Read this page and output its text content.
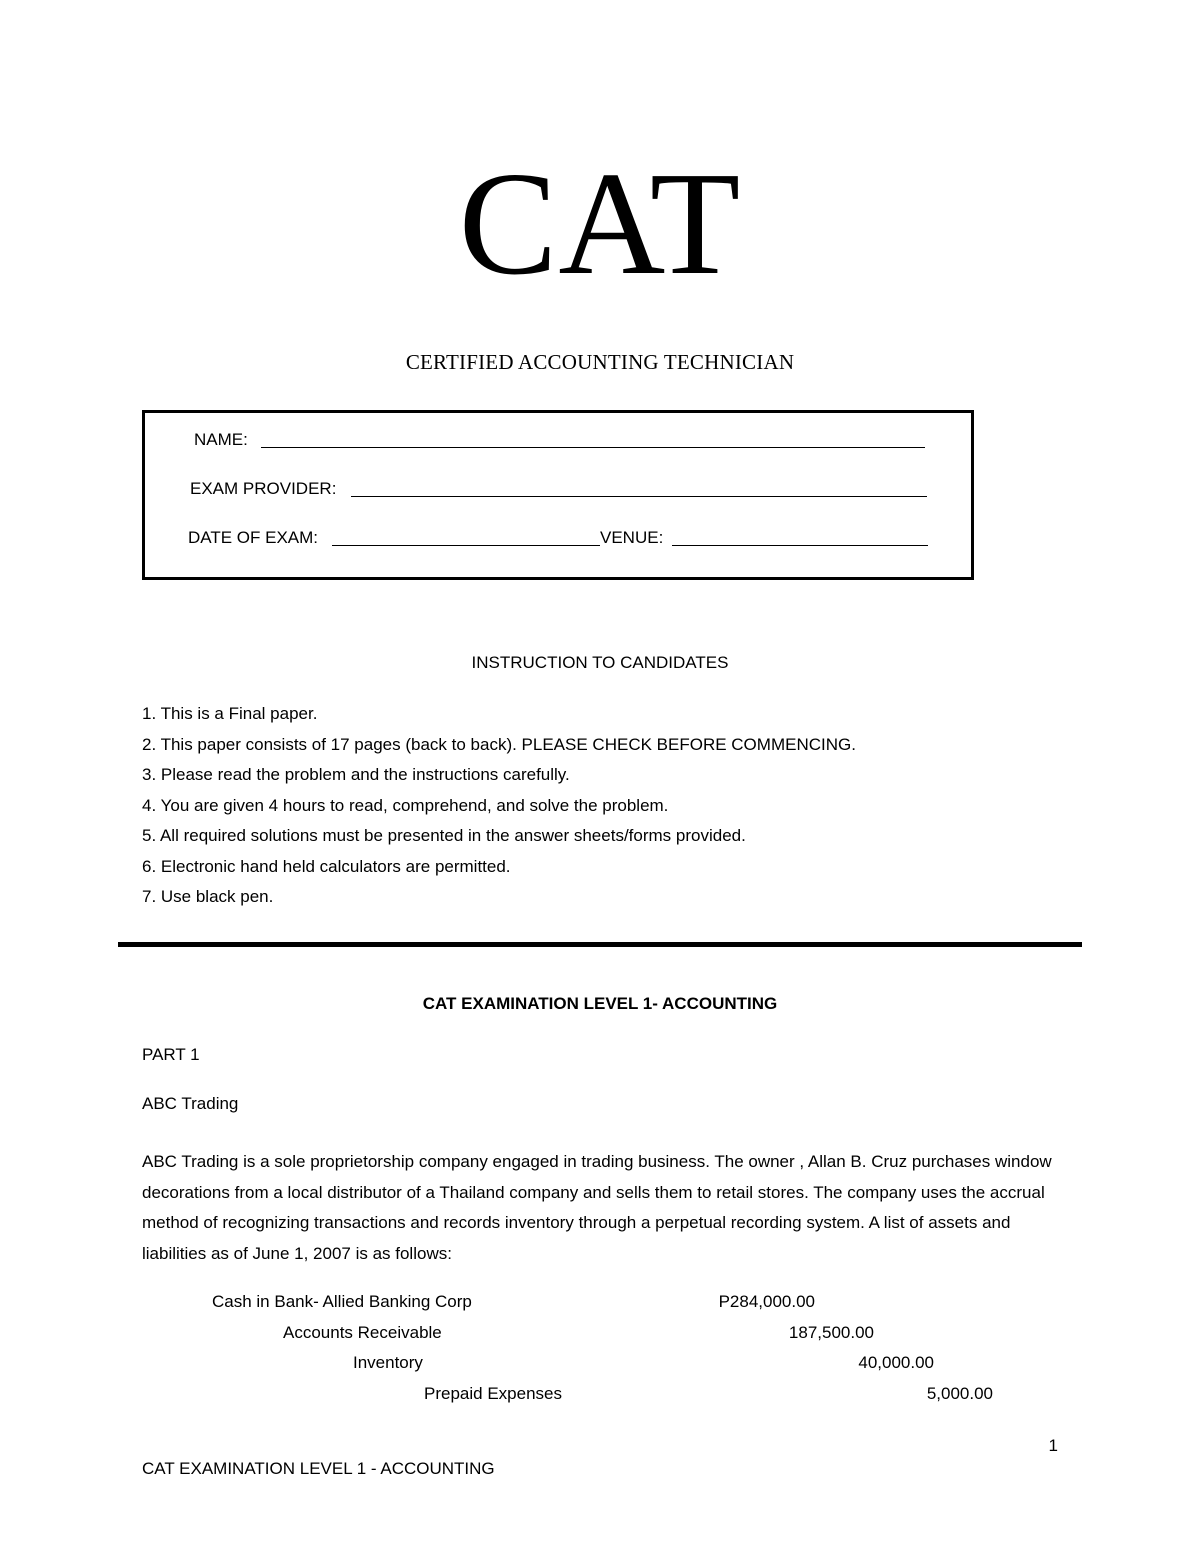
CAT
CERTIFIED ACCOUNTING TECHNICIAN
NAME:
EXAM PROVIDER:
DATE OF EXAM:	VENUE:
INSTRUCTION TO CANDIDATES
1. This is a Final paper.
2. This paper consists of 17 pages (back to back). PLEASE CHECK BEFORE COMMENCING.
3. Please read the problem and the instructions carefully.
4. You are given 4 hours to read, comprehend, and solve the problem.
5. All required solutions must be presented in the answer sheets/forms provided.
6. Electronic hand held calculators are permitted.
7. Use black pen.
CAT EXAMINATION LEVEL 1- ACCOUNTING
PART 1
ABC Trading

ABC Trading is a sole proprietorship company engaged in trading business. The owner , Allan B. Cruz purchases window decorations from a local distributor of a Thailand company and sells them to retail stores. The company uses the accrual method of recognizing transactions and records inventory through a perpetual recording system. A list of assets and liabilities as of June 1, 2007 is as follows:

Cash in Bank- Allied Banking Corp	P284,000.00
Accounts Receivable	187,500.00
Inventory	40,000.00
Prepaid Expenses	5,000.00
1
CAT EXAMINATION LEVEL 1 - ACCOUNTING
